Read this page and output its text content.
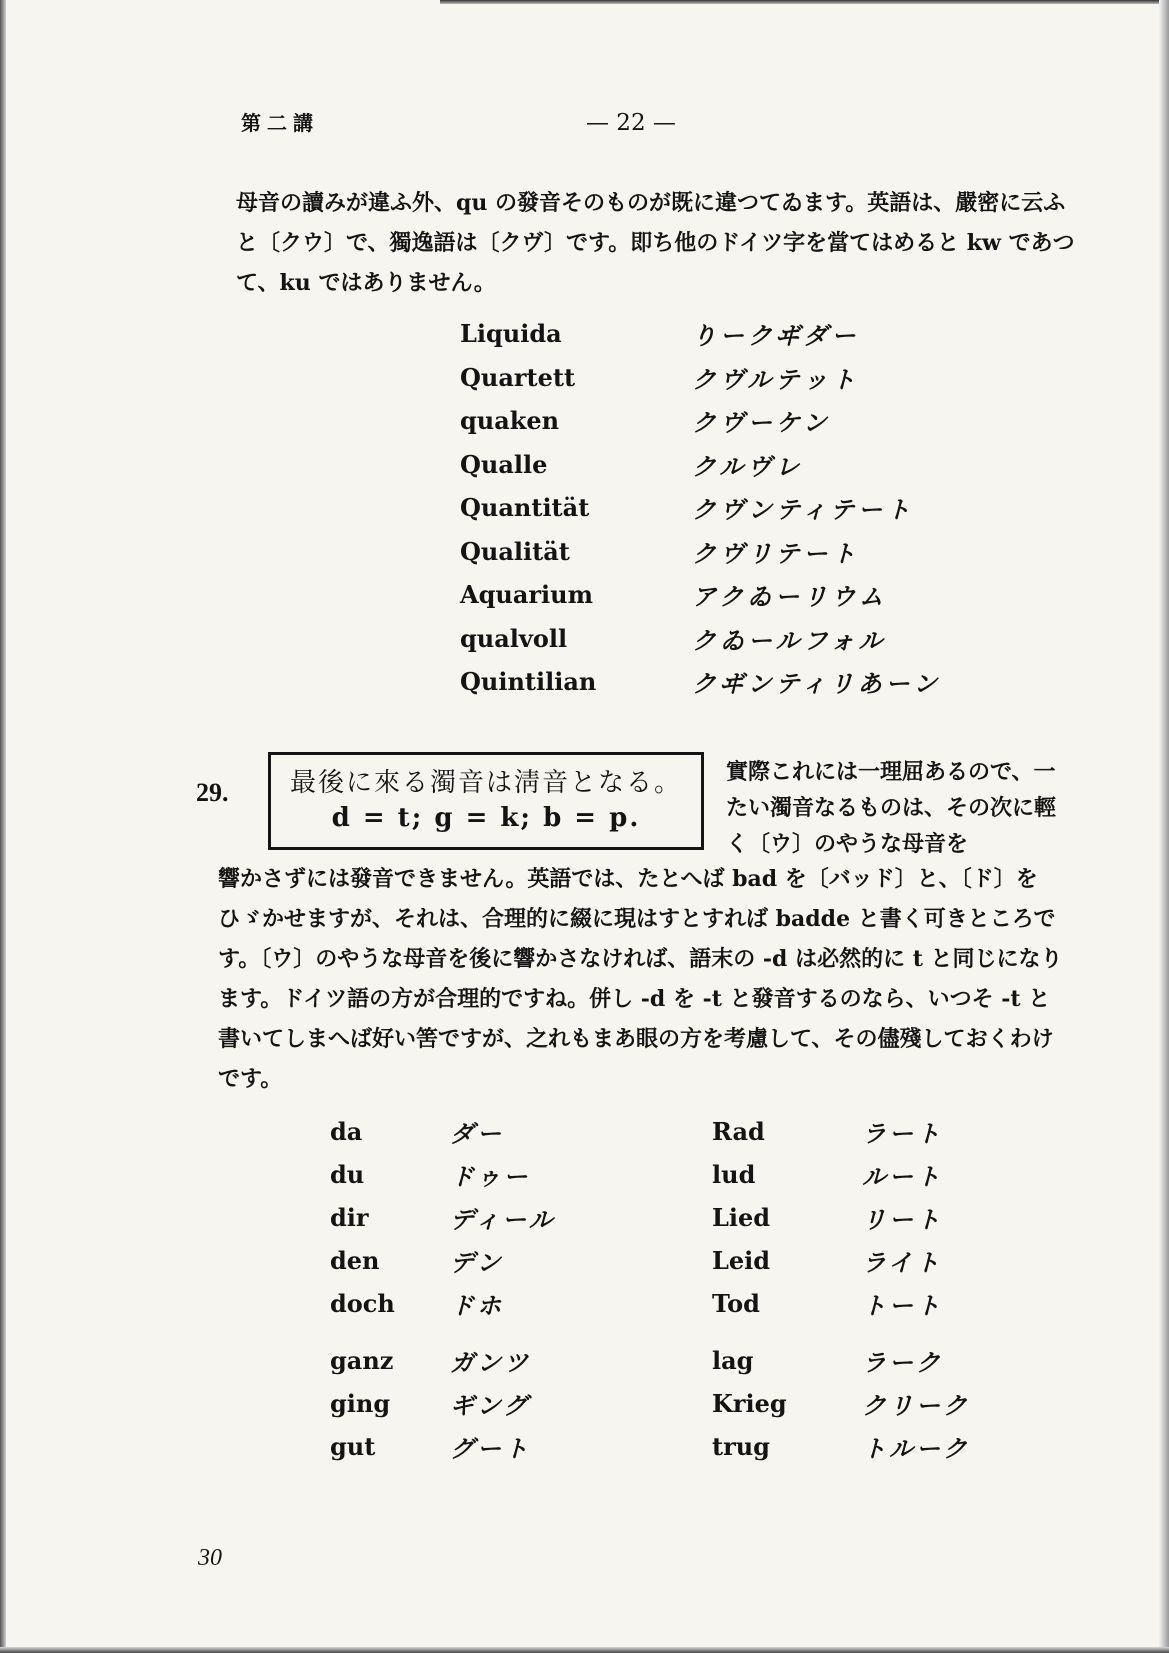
第二講	— 22 —

母音の讀みが違ふ外、qu の發音そのものが既に違つてゐます。英語は、嚴密に云ふと〔クウ〕で、獨逸語は〔クヴ〕です。即ち他のドイツ字を當てはめると kw であつて、ku ではありません。

Liquida	りークヸダー
Quartett	クヴルテット
quaken	クヴーケン
Qualle	クルヴレ
Quantität	クヴンティテート
Qualität	クヴリテート
Aquarium	アクゐーリウム
qualvoll	クゐールフォル
Quintilian	クヸンティリあーン
29.	最後に來る濁音は淸音となる。
d = t; g = k; b = p.

實際これには一理屈あるので、一たい濁音なるものは、その次に輕く〔ウ〕のやうな母音を

響かさずには發音できません。英語では、たとへば bad を〔バッド〕と、〔ド〕をひゞかせますが、それは、合理的に綴に現はすとすれば badde と書く可きところです。〔ウ〕のやうな母音を後に響かさなければ、語末の -d は必然的に t と同じになります。ドイツ語の方が合理的ですね。併し -d を -t と發音するのなら、いつそ -t と書いてしまへば好い筈ですが、之れもまあ眼の方を考慮して、その儘殘しておくわけです。

da	ダー	Rad	ラート
du	ドゥー	lud	ルート
dir	ディール	Lied	リート
den	デン	Leid	ライト
doch	ドホ	Tod	トート
ganz	ガンツ	lag	ラーク
ging	ギング	Krieg	クリーク
gut	グート	trug	トルーク
30
